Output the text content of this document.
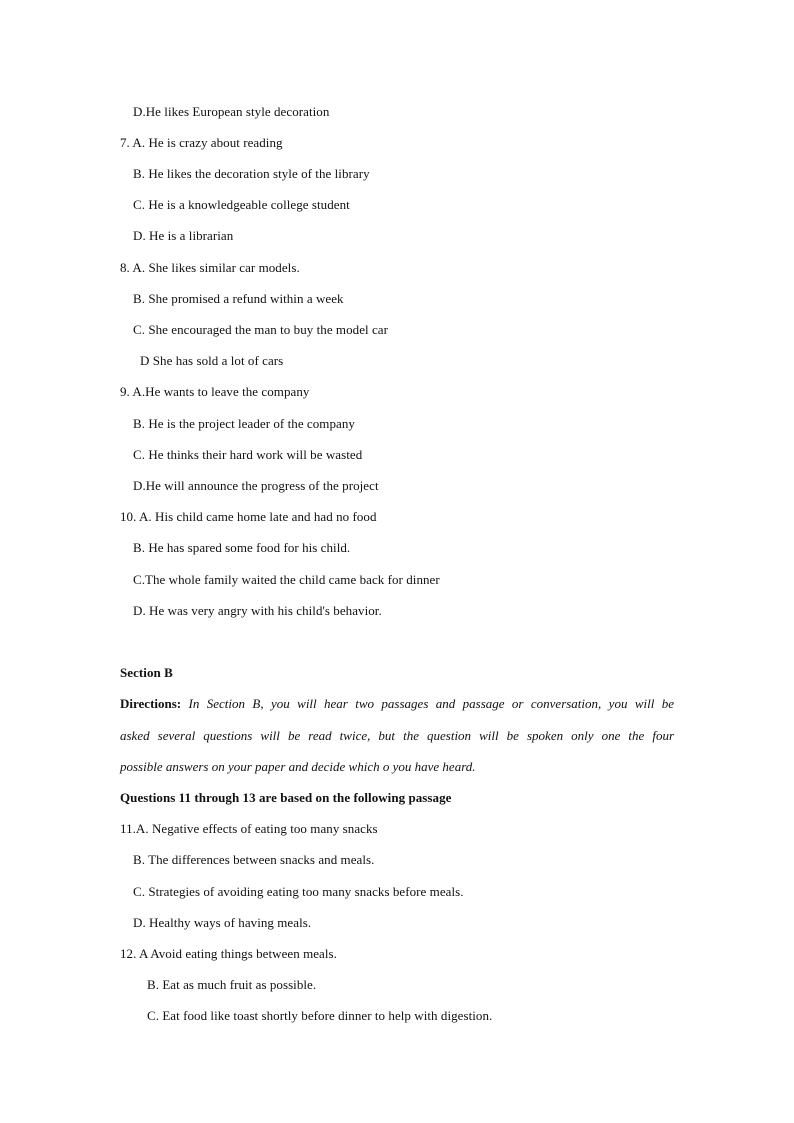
D.He likes European style decoration
7. A. He is crazy about reading
B. He likes the decoration style of the library
C. He is a knowledgeable college student
D. He is a librarian
8. A. She likes similar car models.
B. She promised a refund within a week
C. She encouraged the man to buy the model car
D She has sold a lot of cars
9. A.He wants to leave the company
B. He is the project leader of the company
C. He thinks their hard work will be wasted
D.He will announce the progress of the project
10. A. His child came home late and had no food
B. He has spared some food for his child.
C.The whole family waited the child came back for dinner
D. He was very angry with his child's behavior.
Section B
Directions: In Section B, you will hear two passages and passage or conversation, you will be
asked several questions will be read twice, but the question will be spoken only one the four
possible answers on your paper and decide which o you have heard.
Questions 11 through 13 are based on the following passage
11.A. Negative effects of eating too many snacks
B. The differences between snacks and meals.
C. Strategies of avoiding eating too many snacks before meals.
D. Healthy ways of having meals.
12. A Avoid eating things between meals.
B. Eat as much fruit as possible.
C. Eat food like toast shortly before dinner to help with digestion.
